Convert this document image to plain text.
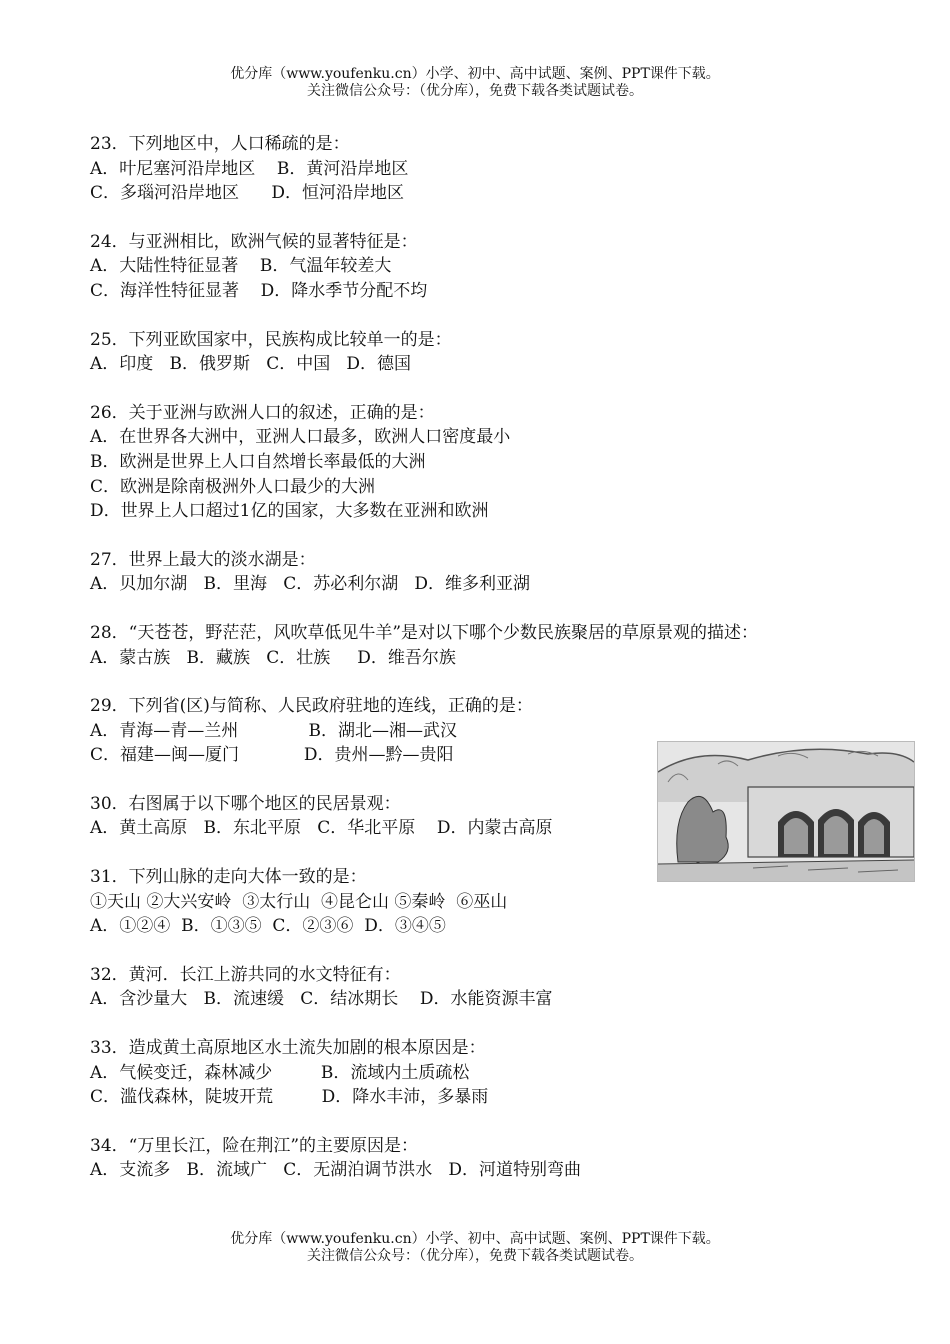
优分库（www.youfenku.cn）小学、初中、高中试题、案例、PPT课件下载。
关注微信公众号：（优分库），免费下载各类试题试卷。
23．下列地区中，人口稀疏的是：
A．叶尼塞河沿岸地区    B．黄河沿岸地区
C．多瑙河沿岸地区      D．恒河沿岸地区
24．与亚洲相比，欧洲气候的显著特征是：
A．大陆性特征显著    B．气温年较差大
C．海洋性特征显著    D．降水季节分配不均
25．下列亚欧国家中，民族构成比较单一的是：
A．印度   B．俄罗斯   C．中国   D．德国
26．关于亚洲与欧洲人口的叙述，正确的是：
A．在世界各大洲中，亚洲人口最多，欧洲人口密度最小
B．欧洲是世界上人口自然增长率最低的大洲
C．欧洲是除南极洲外人口最少的大洲
D．世界上人口超过1亿的国家，大多数在亚洲和欧洲
27．世界上最大的淡水湖是：
A．贝加尔湖   B．里海   C．苏必利尔湖   D．维多利亚湖
28．“天苍苍，野茫茫，风吹草低见牛羊”是对以下哪个少数民族聚居的草原景观的描述：
A．蒙古族   B．藏族   C．壮族     D．维吾尔族
29．下列省(区)与简称、人民政府驻地的连线，正确的是：
A．青海—青—兰州             B．湖北—湘—武汉
C．福建—闽—厦门            D．贵州—黔—贵阳
30．右图属于以下哪个地区的民居景观：
A．黄土高原   B．东北平原   C．华北平原    D．内蒙古高原
31．下列山脉的走向大体一致的是：
①天山 ②大兴安岭  ③太行山  ④昆仑山 ⑤秦岭  ⑥巫山
A．①②④  B．①③⑤  C．②③⑥  D．③④⑤
32．黄河．长江上游共同的水文特征有：
A．含沙量大   B．流速缓   C．结冰期长    D．水能资源丰富
33．造成黄土高原地区水土流失加剧的根本原因是：
A．气候变迁，森林减少         B．流域内土质疏松
C．滥伐森林，陡坡开荒         D．降水丰沛，多暴雨
34．“万里长江，险在荆江”的主要原因是：
A．支流多   B．流域广   C．无湖泊调节洪水   D．河道特别弯曲
优分库（www.youfenku.cn）小学、初中、高中试题、案例、PPT课件下载。
关注微信公众号：（优分库），免费下载各类试题试卷。
